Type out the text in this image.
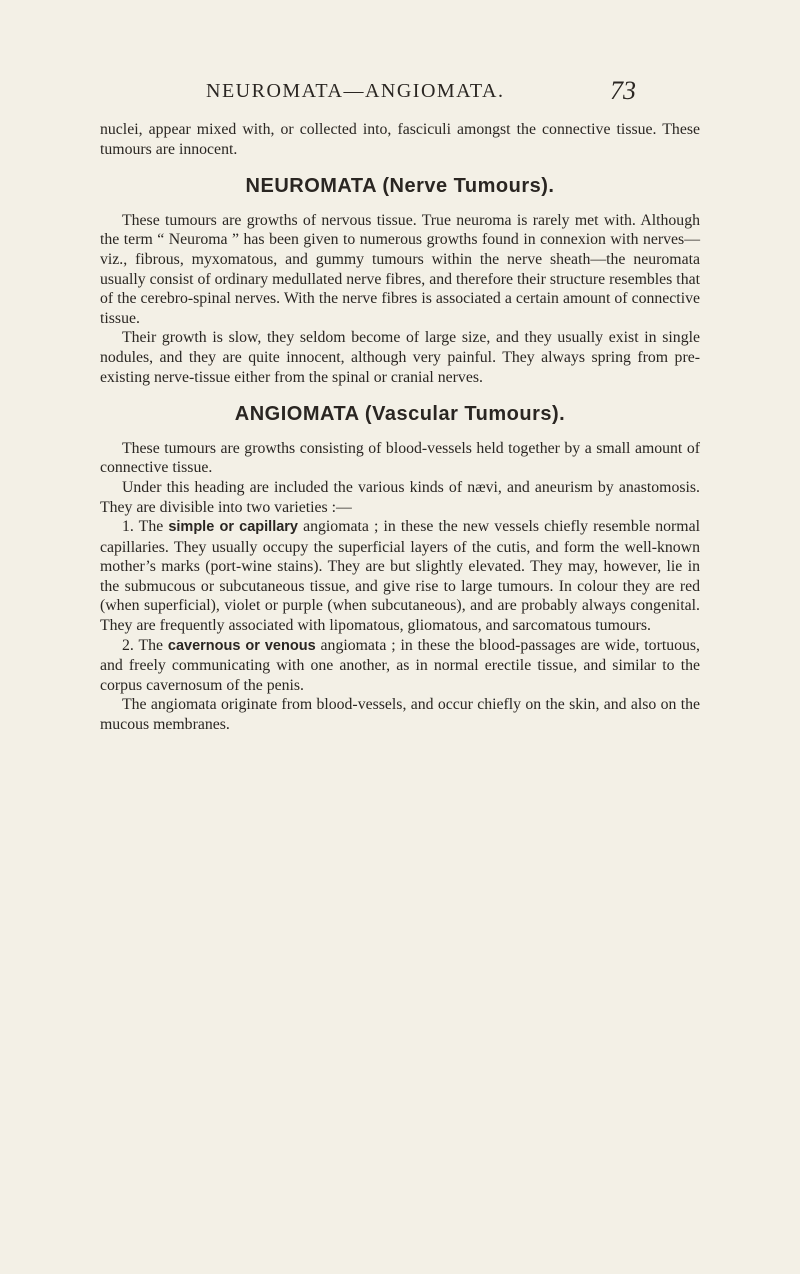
NEUROMATA—ANGIOMATA.	73

nuclei, appear mixed with, or collected into, fasciculi amongst the connective tissue. These tumours are innocent.

NEUROMATA (Nerve Tumours).

These tumours are growths of nervous tissue. True neuroma is rarely met with. Although the term “ Neuroma ” has been given to numerous growths found in connexion with nerves—viz., fibrous, myxomatous, and gummy tumours within the nerve sheath—the neuromata usually consist of ordinary medullated nerve fibres, and therefore their structure resembles that of the cerebro-spinal nerves. With the nerve fibres is associated a certain amount of connective tissue.

Their growth is slow, they seldom become of large size, and they usually exist in single nodules, and they are quite innocent, although very painful. They always spring from pre-existing nerve-tissue either from the spinal or cranial nerves.

ANGIOMATA (Vascular Tumours).

These tumours are growths consisting of blood-vessels held together by a small amount of connective tissue.

Under this heading are included the various kinds of nævi, and aneurism by anastomosis. They are divisible into two varieties :—

1. The simple or capillary angiomata ; in these the new vessels chiefly resemble normal capillaries. They usually occupy the superficial layers of the cutis, and form the well-known mother’s marks (port-wine stains). They are but slightly elevated. They may, however, lie in the submucous or subcutaneous tissue, and give rise to large tumours. In colour they are red (when superficial), violet or purple (when subcutaneous), and are probably always congenital. They are frequently associated with lipomatous, gliomatous, and sarcomatous tumours.

2. The cavernous or venous angiomata ; in these the blood-passages are wide, tortuous, and freely communicating with one another, as in normal erectile tissue, and similar to the corpus cavernosum of the penis.

The angiomata originate from blood-vessels, and occur chiefly on the skin, and also on the mucous membranes.
